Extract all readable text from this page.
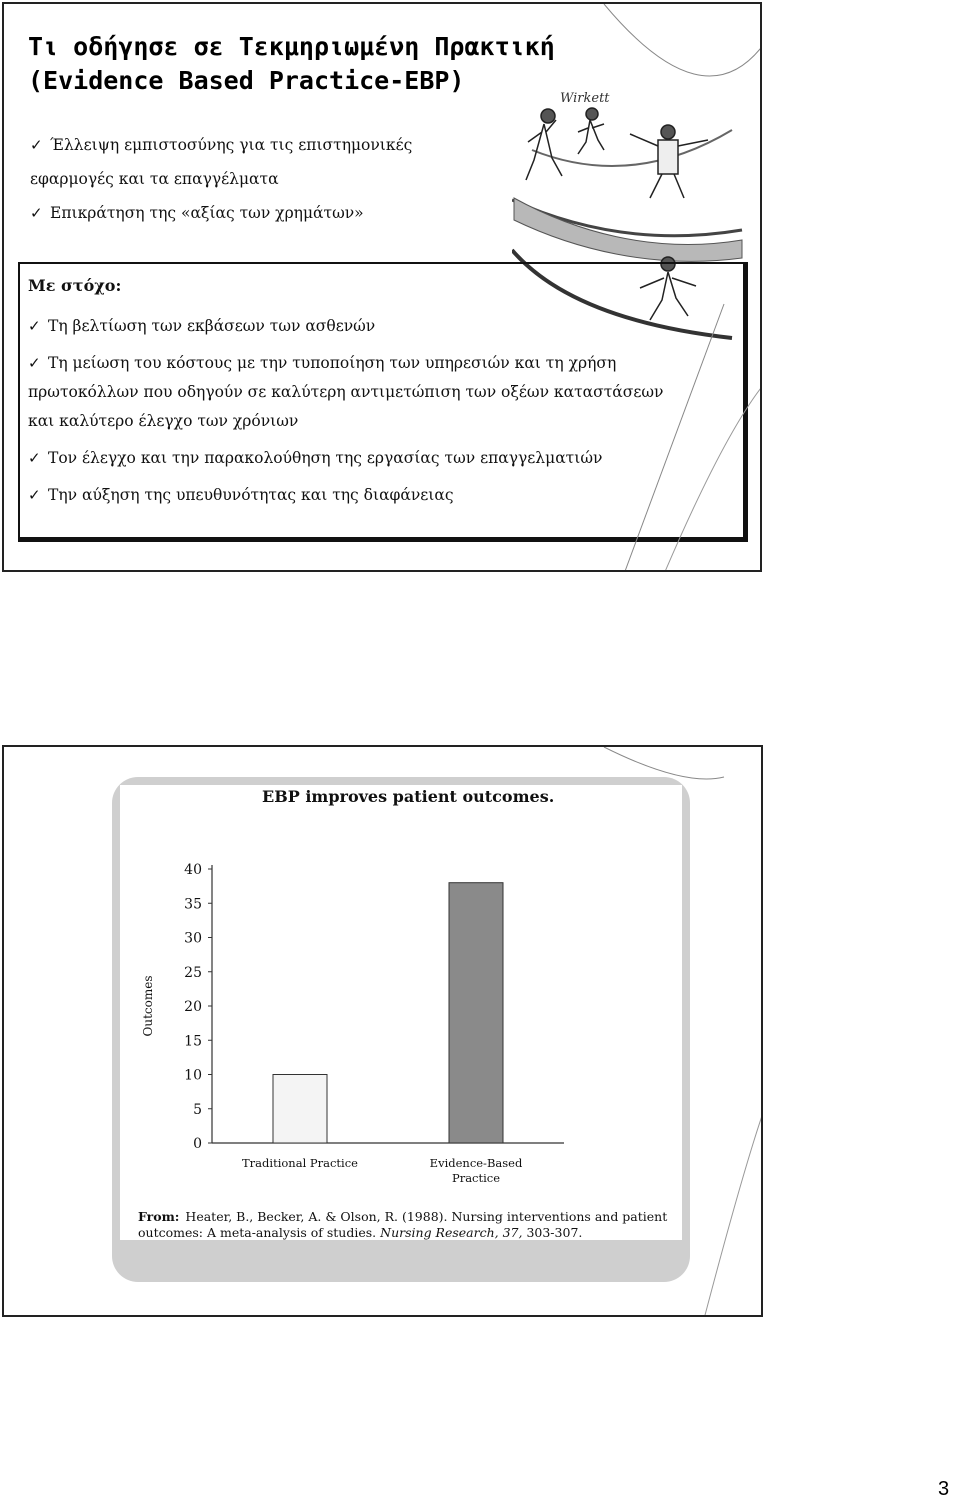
Τι οδήγησε σε Τεκμηριωμένη Πρακτική
(Evidence Based Practice-EBP)
✓ Έλλειψη εμπιστοσύνης για τις επιστημονικές
εφαρμογές και τα επαγγέλματα
✓ Επικράτηση της «αξίας των χρημάτων»
Wirkett
Με στόχο:
✓ Τη βελτίωση των εκβάσεων των ασθενών
✓ Τη μείωση του κόστους με την τυποποίηση των υπηρεσιών και τη χρήση
πρωτοκόλλων που οδηγούν σε καλύτερη αντιμετώπιση των οξέων καταστάσεων
και καλύτερο έλεγχο των χρόνιων
✓ Τον έλεγχο και την παρακολούθηση της εργασίας των επαγγελματιών
✓ Την αύξηση της υπευθυνότητας και της διαφάνειας
EBP improves patient outcomes.
0
5
10
15
20
25
30
35
40
Traditional Practice	Evidence-Based
Practice
Outcomes
From: Heater, B., Becker, A. & Olson, R. (1988). Nursing interventions and patient outcomes: A meta-analysis of studies. Nursing Research, 37, 303-307.
3
